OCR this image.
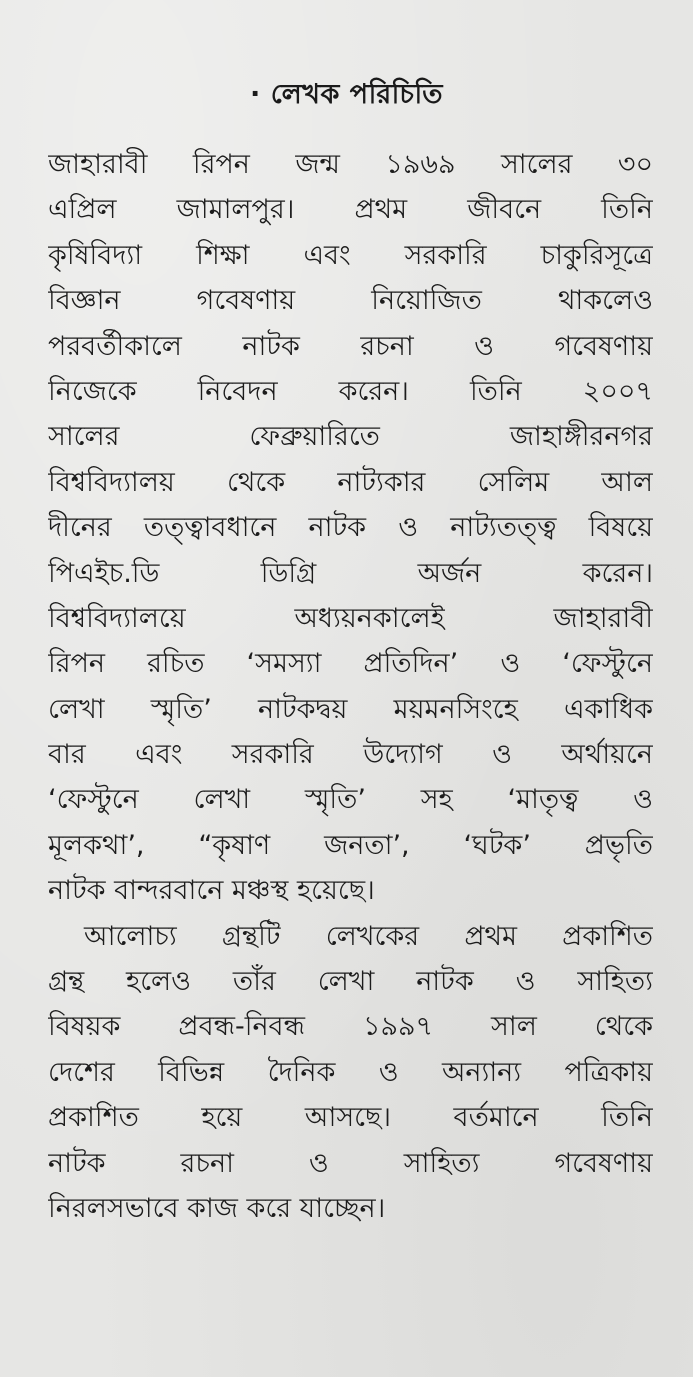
· লেখক পরিচিতি
জাহারাবী রিপন জন্ম ১৯৬৯ সালের ৩০
এপ্রিল জামালপুর। প্রথম জীবনে তিনি
কৃষিবিদ্যা শিক্ষা এবং সরকারি চাকুরিসূত্রে
বিজ্ঞান গবেষণায় নিয়োজিত থাকলেও
পরবর্তীকালে নাটক রচনা ও গবেষণায়
নিজেকে নিবেদন করেন। তিনি ২০০৭
সালের ফেব্রুয়ারিতে জাহাঙ্গীরনগর
বিশ্ববিদ্যালয় থেকে নাট্যকার সেলিম আল
দীনের তত্ত্বাবধানে নাটক ও নাট্যতত্ত্ব বিষয়ে
পিএইচ.ডি ডিগ্রি অর্জন করেন।
বিশ্ববিদ্যালয়ে অধ্যয়নকালেই জাহারাবী
রিপন রচিত ‘সমস্যা প্রতিদিন’ ও ‘ফেস্টুনে
লেখা স্মৃতি’ নাটকদ্বয় ময়মনসিংহে একাধিক
বার এবং সরকারি উদ্যোগ ও অর্থায়নে
‘ফেস্টুনে লেখা স্মৃতি’ সহ ‘মাতৃত্ব ও
মূলকথা’, “কৃষাণ জনতা’, ‘ঘটক’ প্রভৃতি
নাটক বান্দরবানে মঞ্চস্থ হয়েছে।
আলোচ্য গ্রন্থটি লেখকের প্রথম প্রকাশিত
গ্রন্থ হলেও তাঁর লেখা নাটক ও সাহিত্য
বিষয়ক প্রবন্ধ-নিবন্ধ ১৯৯৭ সাল থেকে
দেশের বিভিন্ন দৈনিক ও অন্যান্য পত্রিকায়
প্রকাশিত হয়ে আসছে। বর্তমানে তিনি
নাটক রচনা ও সাহিত্য গবেষণায়
নিরলসভাবে কাজ করে যাচ্ছেন।
